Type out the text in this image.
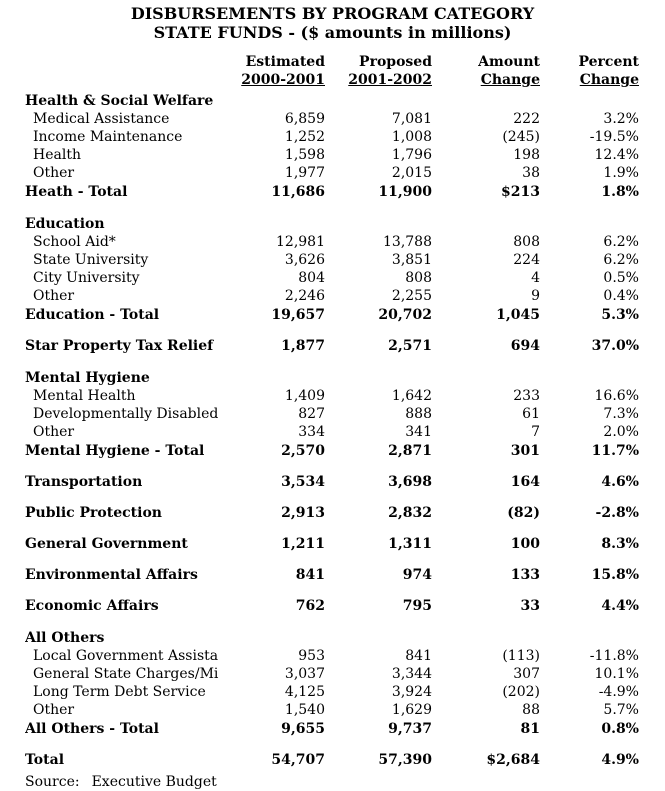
DISBURSEMENTS BY PROGRAM CATEGORY
STATE FUNDS - ($ amounts in millions)
Estimated	Proposed	Amount	Percent
2000-2001	2001-2002	Change	Change
Health & Social Welfare
Medical Assistance	6,859	7,081	222	3.2%
Income Maintenance	1,252	1,008	(245)	-19.5%
Health	1,598	1,796	198	12.4%
Other	1,977	2,015	38	1.9%
Heath - Total	11,686	11,900	$213	1.8%
Education
School Aid*	12,981	13,788	808	6.2%
State University	3,626	3,851	224	6.2%
City University	804	808	4	0.5%
Other	2,246	2,255	9	0.4%
Education - Total	19,657	20,702	1,045	5.3%
Star Property Tax Relief	1,877	2,571	694	37.0%
Mental Hygiene
Mental Health	1,409	1,642	233	16.6%
Developmentally Disabled	827	888	61	7.3%
Other	334	341	7	2.0%
Mental Hygiene - Total	2,570	2,871	301	11.7%
Transportation	3,534	3,698	164	4.6%
Public Protection	2,913	2,832	(82)	-2.8%
General Government	1,211	1,311	100	8.3%
Environmental Affairs	841	974	133	15.8%
Economic Affairs	762	795	33	4.4%
All Others
Local Government Assista	953	841	(113)	-11.8%
General State Charges/Mi	3,037	3,344	307	10.1%
Long Term Debt Service	4,125	3,924	(202)	-4.9%
Other	1,540	1,629	88	5.7%
All Others - Total	9,655	9,737	81	0.8%
Total	54,707	57,390	$2,684	4.9%
Source: Executive Budget
